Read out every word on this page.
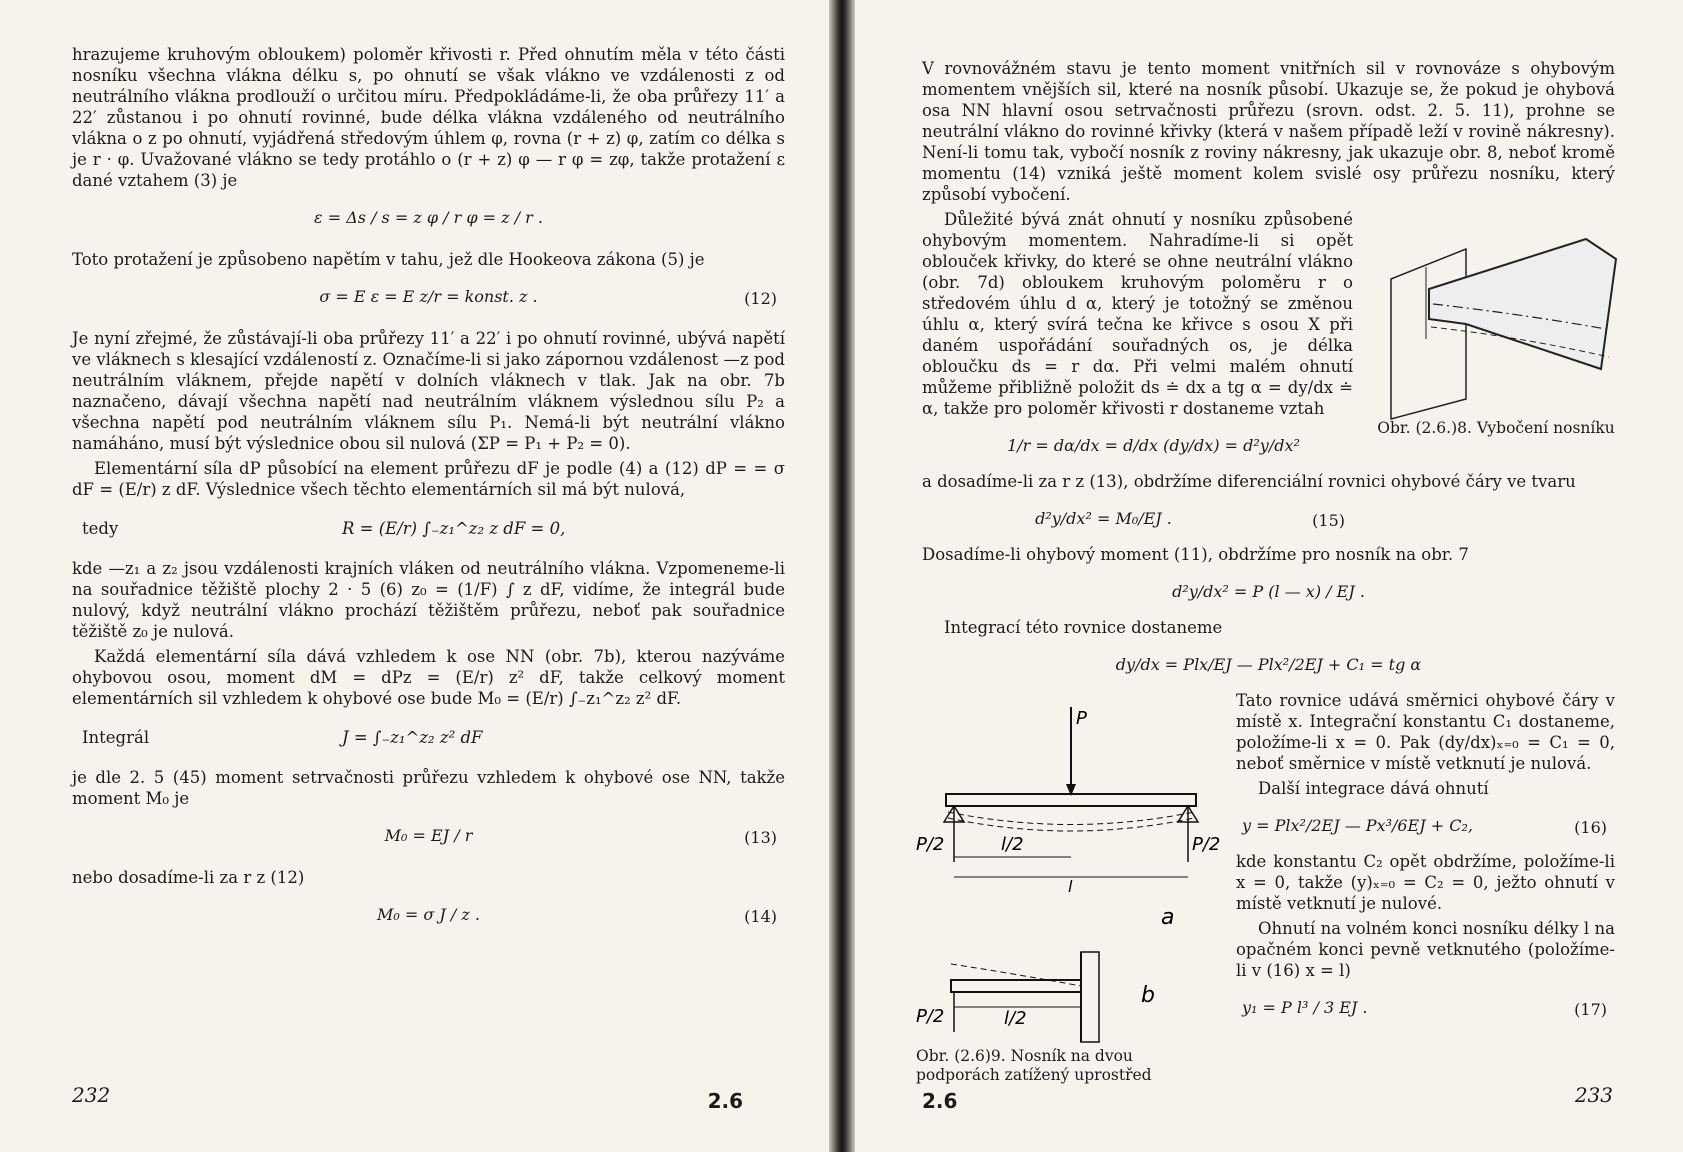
hrazujeme kruhovým obloukem) poloměr křivosti r. Před ohnutím měla v této části nosníku všechna vlákna délku s, po ohnutí se však vlákno ve vzdálenosti z od neutrálního vlákna prodlouží o určitou míru. Předpokládáme-li, že oba průřezy 11′ a 22′ zůstanou i po ohnutí rovinné, bude délka vlákna vzdáleného od neutrálního vlákna o z po ohnutí, vyjádřená středovým úhlem φ, rovna (r + z) φ, zatím co délka s je r · φ. Uvažované vlákno se tedy protáhlo o (r + z) φ — r φ = zφ, takže protažení ε dané vztahem (3) je

ε = Δs / s = z φ / r φ = z / r .

Toto protažení je způsobeno napětím v tahu, jež dle Hookeova zákona (5) je

σ = E ε = E z/r = konst. z .	(12)

Je nyní zřejmé, že zůstávají-li oba průřezy 11′ a 22′ i po ohnutí rovinné, ubývá napětí ve vláknech s klesající vzdáleností z. Označíme-li si jako zápornou vzdálenost —z pod neutrálním vláknem, přejde napětí v dolních vláknech v tlak. Jak na obr. 7b naznačeno, dávají všechna napětí nad neutrálním vláknem výslednou sílu P₂ a všechna napětí pod neutrálním vláknem sílu P₁. Nemá-li být neutrální vlákno namáháno, musí být výslednice obou sil nulová (ΣP = P₁ + P₂ = 0).

Elementární síla dP působící na element průřezu dF je podle (4) a (12) dP = = σ dF = (E/r) z dF. Výslednice všech těchto elementárních sil má být nulová,

tedy	R = (E/r) ∫₋z₁^z₂ z dF = 0,

kde —z₁ a z₂ jsou vzdálenosti krajních vláken od neutrálního vlákna. Vzpomeneme-li na souřadnice těžiště plochy 2 · 5 (6) z₀ = (1/F) ∫ z dF, vidíme, že integrál bude nulový, když neutrální vlákno prochází těžištěm průřezu, neboť pak souřadnice těžiště z₀ je nulová.

Každá elementární síla dává vzhledem k ose NN (obr. 7b), kterou nazýváme ohybovou osou, moment dM = dPz = (E/r) z² dF, takže celkový moment elementárních sil vzhledem k ohybové ose bude M₀ = (E/r) ∫₋z₁^z₂ z² dF.

Integrál	J = ∫₋z₁^z₂ z² dF

je dle 2. 5 (45) moment setrvačnosti průřezu vzhledem k ohybové ose NN, takže moment M₀ je

M₀ = EJ / r	(13)

nebo dosadíme-li za r z (12)

M₀ = σ J / z .	(14)
232	2.6

V rovnovážném stavu je tento moment vnitřních sil v rovnováze s ohybovým momentem vnějších sil, které na nosník působí. Ukazuje se, že pokud je ohybová osa NN hlavní osou setrvačnosti průřezu (srovn. odst. 2. 5. 11), prohne se neutrální vlákno do rovinné křivky (která v našem případě leží v rovině nákresny). Není-li tomu tak, vybočí nosník z roviny nákresny, jak ukazuje obr. 8, neboť kromě momentu (14) vzniká ještě moment kolem svislé osy průřezu nosníku, který způsobí vybočení.

Obr. (2.6.)8. Vybočení nosníku

Důležité bývá znát ohnutí y nosníku způsobené ohybovým momentem. Nahradíme-li si opět oblouček křivky, do které se ohne neutrální vlákno (obr. 7d) obloukem kruhovým poloměru r o středovém úhlu d α, který je totožný se změnou úhlu α, který svírá tečna ke křivce s osou X při daném uspořádání souřadných os, je délka obloučku ds = r dα. Při velmi malém ohnutí můžeme přibližně položit ds ≐ dx a tg α = dy/dx ≐ α, takže pro poloměr křivosti r dostaneme vztah

1/r = dα/dx = d/dx (dy/dx) = d²y/dx²

a dosadíme-li za r z (13), obdržíme diferenciální rovnici ohybové čáry ve tvaru

d²y/dx² = M₀/EJ .	(15)

Dosadíme-li ohybový moment (11), obdržíme pro nosník na obr. 7

d²y/dx² = P (l — x) / EJ .

Integrací této rovnice dostaneme

dy/dx = Plx/EJ — Plx²/2EJ + C₁ = tg α
P
P/2	P/2
l/2
l
a
P/2	l/2
b
Obr. (2.6)9. Nosník na dvou podporách zatížený uprostřed

Tato rovnice udává směrnici ohybové čáry v místě x. Integrační konstantu C₁ dostaneme, položíme-li x = 0. Pak (dy/dx)ₓ₌₀ = C₁ = 0, neboť směrnice v místě vetknutí je nulová.

Další integrace dává ohnutí

y = Plx²/2EJ — Px³/6EJ + C₂,	(16)

kde konstantu C₂ opět obdržíme, položíme-li x = 0, takže (y)ₓ₌₀ = C₂ = 0, ježto ohnutí v místě vetknutí je nulové.

Ohnutí na volném konci nosníku délky l na opačném konci pevně vetknutého (položíme-li v (16) x = l)

y₁ = P l³ / 3 EJ .	(17)
2.6	233
